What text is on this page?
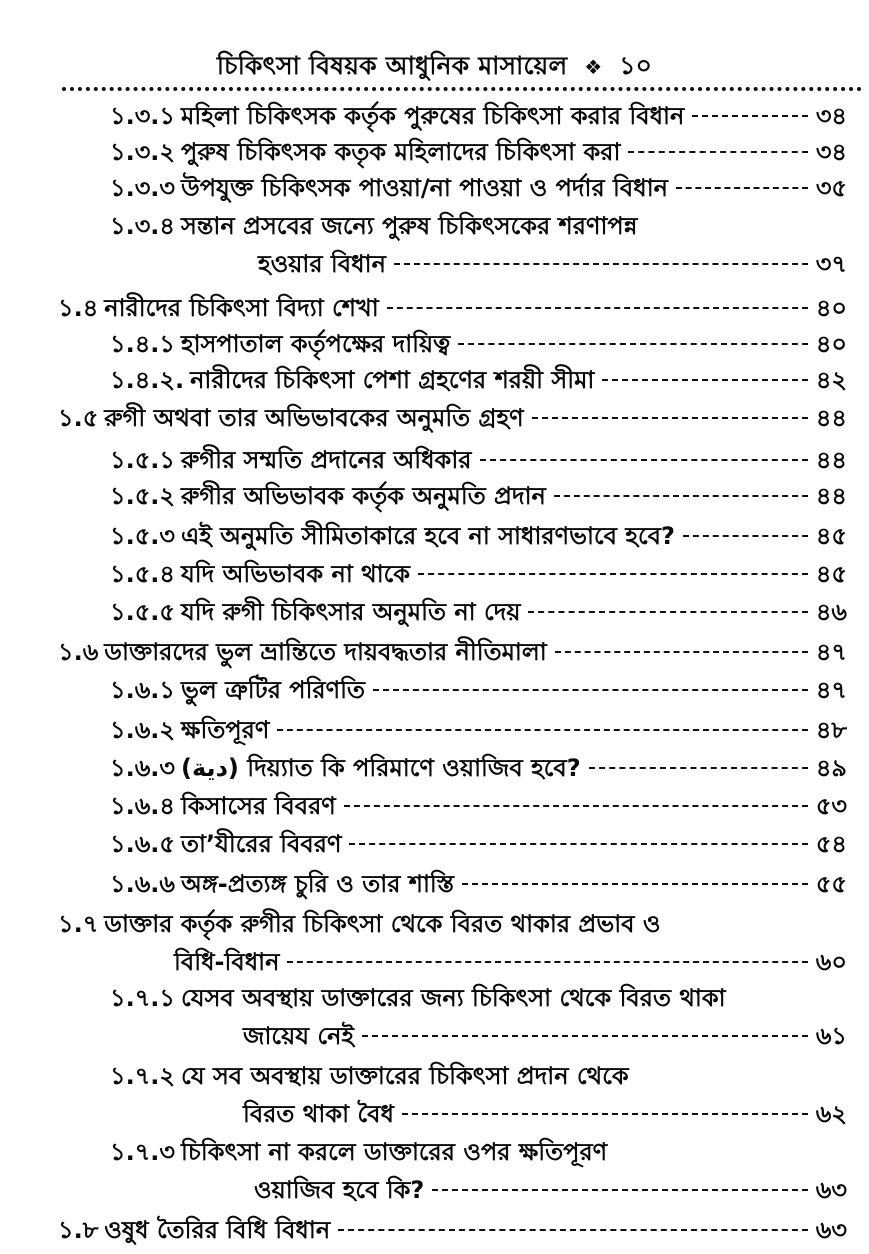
চিকিৎসা বিষয়ক আধুনিক মাসায়েল ❖ ১০
১.৩.১ মহিলা চিকিৎসক কর্তৃক পুরুষের চিকিৎসা করার বিধান	৩৪
১.৩.২ পুরুষ চিকিৎসক কতৃক মহিলাদের চিকিৎসা করা	৩৪
১.৩.৩ উপযুক্ত চিকিৎসক পাওয়া/না পাওয়া ও পর্দার বিধান	৩৫
১.৩.৪ সন্তান প্রসবের জন্যে পুরুষ চিকিৎসকের শরণাপন্ন
হওয়ার বিধান	৩৭
১.৪ নারীদের চিকিৎসা বিদ্যা শেখা	৪০
১.৪.১ হাসপাতাল কর্তৃপক্ষের দায়িত্ব	৪০
১.৪.২. নারীদের চিকিৎসা পেশা গ্রহণের শরয়ী সীমা	৪২
১.৫ রুগী অথবা তার অভিভাবকের অনুমতি গ্রহণ	৪৪
১.৫.১ রুগীর সম্মতি প্রদানের অধিকার	৪৪
১.৫.২ রুগীর অভিভাবক কর্তৃক অনুমতি প্রদান	৪৪
১.৫.৩ এই অনুমতি সীমিতাকারে হবে না সাধারণভাবে হবে?	৪৫
১.৫.৪ যদি অভিভাবক না থাকে	৪৫
১.৫.৫ যদি রুগী চিকিৎসার অনুমতি না দেয়	৪৬
১.৬ ডাক্তারদের ভুল ভ্রান্তিতে দায়বদ্ধতার নীতিমালা	৪৭
১.৬.১ ভুল ত্রুটির পরিণতি	৪৭
১.৬.২ ক্ষতিপূরণ	৪৮
১.৬.৩ (دية) দিয়্যাত কি পরিমাণে ওয়াজিব হবে?	৪৯
১.৬.৪ কিসাসের বিবরণ	৫৩
১.৬.৫ তা’যীরের বিবরণ	৫৪
১.৬.৬ অঙ্গ-প্রত্যঙ্গ চুরি ও তার শাস্তি	৫৫
১.৭ ডাক্তার কর্তৃক রুগীর চিকিৎসা থেকে বিরত থাকার প্রভাব ও
বিধি-বিধান	৬০
১.৭.১ যেসব অবস্থায় ডাক্তারের জন্য চিকিৎসা থেকে বিরত থাকা
জায়েয নেই	৬১
১.৭.২ যে সব অবস্থায় ডাক্তারের চিকিৎসা প্রদান থেকে
বিরত থাকা বৈধ	৬২
১.৭.৩ চিকিৎসা না করলে ডাক্তারের ওপর ক্ষতিপূরণ
ওয়াজিব হবে কি?	৬৩
১.৮ ওষুধ তৈরির বিধি বিধান	৬৩
